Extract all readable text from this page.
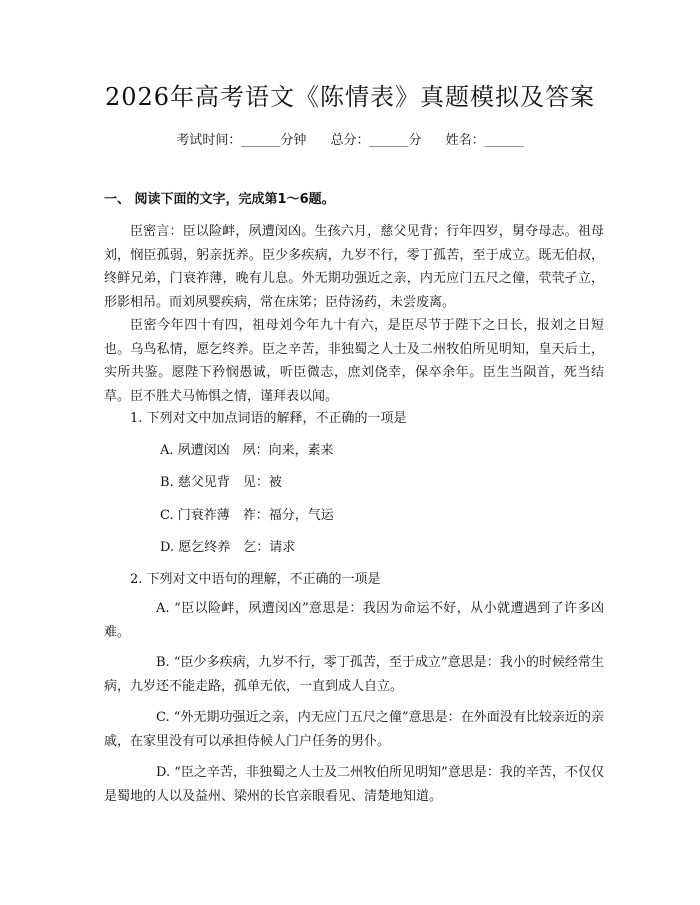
2026年高考语文《陈情表》真题模拟及答案
考试时间：______分钟 总分：______分 姓名：______
一、 阅读下面的文字，完成第1～6题。

臣密言：臣以险衅，夙遭闵凶。生孩六月，慈父见背；行年四岁，舅夺母志。祖母刘，悯臣孤弱，躬亲抚养。臣少多疾病，九岁不行，零丁孤苦，至于成立。既无伯叔，终鲜兄弟，门衰祚薄，晚有儿息。外无期功强近之亲，内无应门五尺之僮，茕茕孑立，形影相吊。而刘夙婴疾病，常在床笫；臣侍汤药，未尝废离。

臣密今年四十有四，祖母刘今年九十有六，是臣尽节于陛下之日长，报刘之日短也。乌鸟私情，愿乞终养。臣之辛苦，非独蜀之人士及二州牧伯所见明知，皇天后土，实所共鉴。愿陛下矜悯愚诚，听臣微志，庶刘侥幸，保卒余年。臣生当陨首，死当结草。臣不胜犬马怖惧之情，谨拜表以闻。

1. 下列对文中加点词语的解释，不正确的一项是
A. 夙遭闵凶　夙：向来，素来
B. 慈父见背　见：被
C. 门衰祚薄　祚：福分，气运
D. 愿乞终养　乞：请求
2. 下列对文中语句的理解，不正确的一项是

A. “臣以险衅，夙遭闵凶”意思是：我因为命运不好，从小就遭遇到了许多凶难。

B. “臣少多疾病，九岁不行，零丁孤苦，至于成立”意思是：我小的时候经常生病，九岁还不能走路，孤单无依，一直到成人自立。

C. “外无期功强近之亲，内无应门五尺之僮”意思是：在外面没有比较亲近的亲戚，在家里没有可以承担侍候人门户任务的男仆。

D. “臣之辛苦，非独蜀之人士及二州牧伯所见明知”意思是：我的辛苦，不仅仅是蜀地的人以及益州、梁州的长官亲眼看见、清楚地知道。
